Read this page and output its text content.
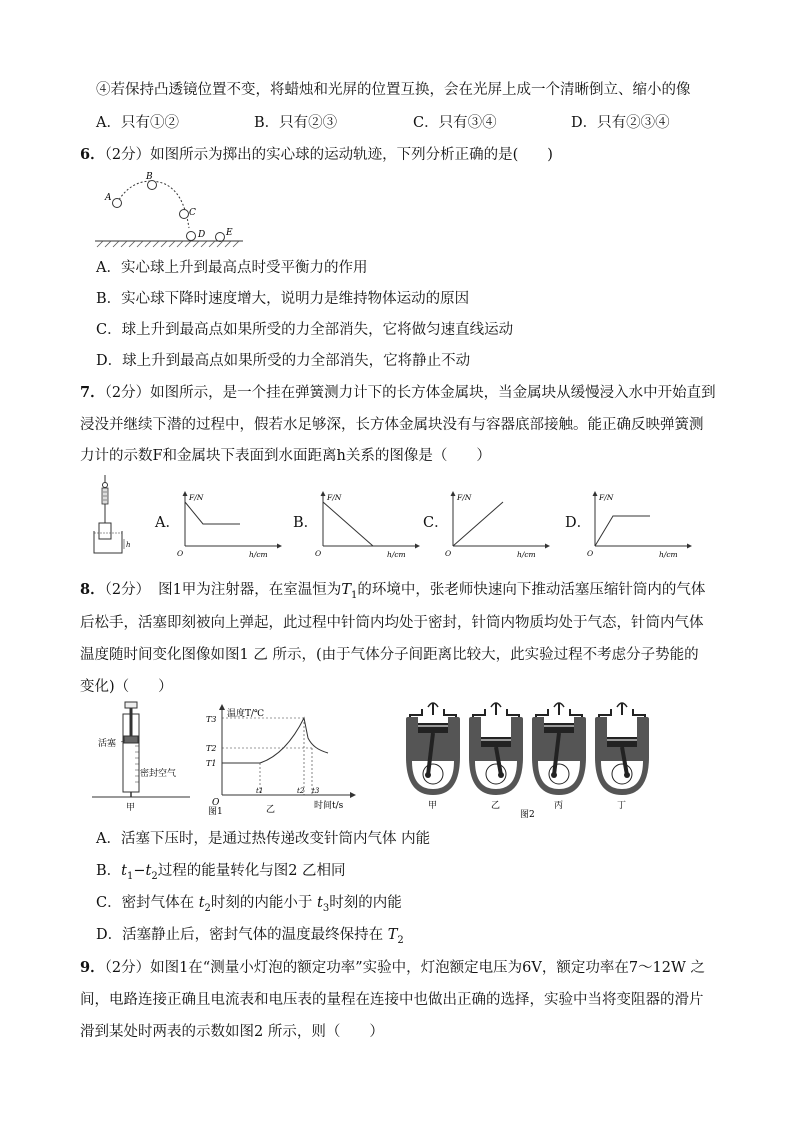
④若保持凸透镜位置不变，将蜡烛和光屏的位置互换，会在光屏上成一个清晰倒立、缩小的像
A．只有①②	B．只有②③	C．只有③④	D．只有②③④
6．（2分）如图所示为掷出的实心球的运动轨迹，下列分析正确的是(　　)
A
B
C
D E
A．实心球上升到最高点时受平衡力的作用
B．实心球下降时速度增大，说明力是维持物体运动的原因
C．球上升到最高点如果所受的力全部消失，它将做匀速直线运动
D．球上升到最高点如果所受的力全部消失，它将静止不动
7．（2分）如图所示，是一个挂在弹簧测力计下的长方体金属块，当金属块从缓慢浸入水中开始直到
浸没并继续下潜的过程中，假若水足够深，长方体金属块没有与容器底部接触。能正确反映弹簧测
力计的示数F和金属块下表面到水面距离h关系的图像是（　　）
h
A．
F/N
h/cm
O
B．
F/N
h/cm
O
C．
F/N
h/cm
O
D．
F/N
h/cm
O
8．（2分） 图1甲为注射器，在室温恒为$T_1$的环境中，张老师快速向下推动活塞压缩针筒内的气体
后松手，活塞即刻被向上弹起，此过程中针筒内均处于密封，针筒内物质均处于气态，针筒内气体
温度随时间变化图像如图1 乙 所示，(由于气体分子间距离比较大，此实验过程不考虑分子势能的
变化)（　　）
活塞
密封空气
甲
温度T/℃
时间t/s
O
T3
T2
T1
t1	t2 t3
图1	乙	图2
甲	乙	丙	丁
A．活塞下压时，是通过热传递改变针筒内气体 内能
B．$t_1-t_2$过程的能量转化与图2 乙相同
C．密封气体在 $t_2$时刻的内能小于 $t_3$时刻的内能
D．活塞静止后，密封气体的温度最终保持在 $T_2$
9．（2分）如图1在“测量小灯泡的额定功率”实验中，灯泡额定电压为6V，额定功率在7～12W 之
间，电路连接正确且电流表和电压表的量程在连接中也做出正确的选择，实验中当将变阻器的滑片
滑到某处时两表的示数如图2 所示，则（　　）
